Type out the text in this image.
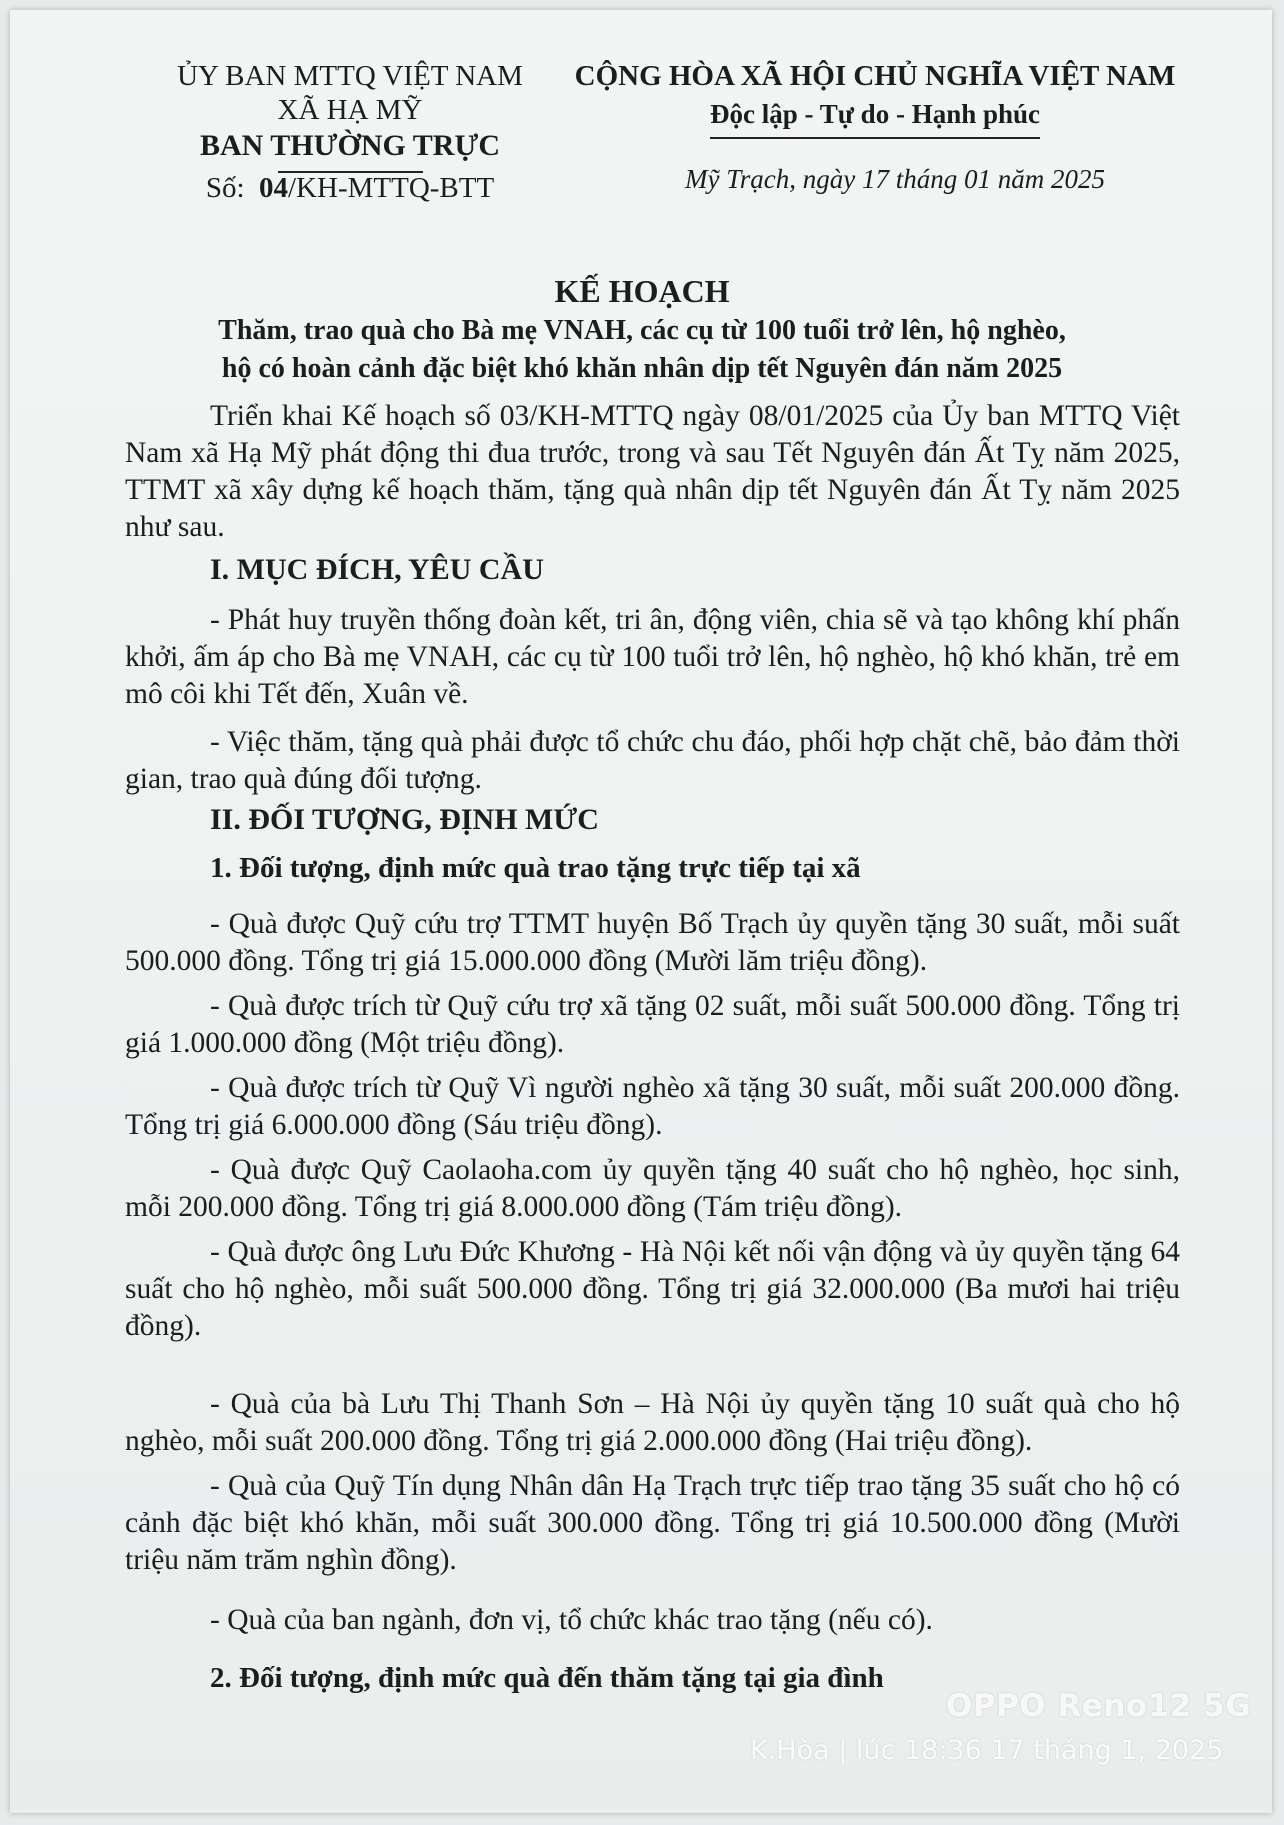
ỦY BAN MTTQ VIỆT NAM
XÃ HẠ MỸ
BAN THƯỜNG TRỰC
Số: 04/KH-MTTQ-BTT
CỘNG HÒA XÃ HỘI CHỦ NGHĨA VIỆT NAM
Độc lập - Tự do - Hạnh phúc
Mỹ Trạch, ngày 17 tháng 01 năm 2025
KẾ HOẠCH
Thăm, trao quà cho Bà mẹ VNAH, các cụ từ 100 tuổi trở lên, hộ nghèo,
hộ có hoàn cảnh đặc biệt khó khăn nhân dịp tết Nguyên đán năm 2025
Triển khai Kế hoạch số 03/KH-MTTQ ngày 08/01/2025 của Ủy ban MTTQ Việt Nam xã Hạ Mỹ phát động thi đua trước, trong và sau Tết Nguyên đán Ất Tỵ năm 2025, TTMT xã xây dựng kế hoạch thăm, tặng quà nhân dịp tết Nguyên đán Ất Tỵ năm 2025 như sau.
I. MỤC ĐÍCH, YÊU CẦU
- Phát huy truyền thống đoàn kết, tri ân, động viên, chia sẽ và tạo không khí phấn khởi, ấm áp cho Bà mẹ VNAH, các cụ từ 100 tuổi trở lên, hộ nghèo, hộ khó khăn, trẻ em mô côi khi Tết đến, Xuân về.
- Việc thăm, tặng quà phải được tổ chức chu đáo, phối hợp chặt chẽ, bảo đảm thời gian, trao quà đúng đối tượng.
II. ĐỐI TƯỢNG, ĐỊNH MỨC
1. Đối tượng, định mức quà trao tặng trực tiếp tại xã
- Quà được Quỹ cứu trợ TTMT huyện Bố Trạch ủy quyền tặng 30 suất, mỗi suất 500.000 đồng. Tổng trị giá 15.000.000 đồng (Mười lăm triệu đồng).
- Quà được trích từ Quỹ cứu trợ xã tặng 02 suất, mỗi suất 500.000 đồng. Tổng trị giá 1.000.000 đồng (Một triệu đồng).
- Quà được trích từ Quỹ Vì người nghèo xã tặng 30 suất, mỗi suất 200.000 đồng. Tổng trị giá 6.000.000 đồng (Sáu triệu đồng).
- Quà được Quỹ Caolaoha.com ủy quyền tặng 40 suất cho hộ nghèo, học sinh, mỗi 200.000 đồng. Tổng trị giá 8.000.000 đồng (Tám triệu đồng).
- Quà được ông Lưu Đức Khương - Hà Nội kết nối vận động và ủy quyền tặng 64 suất cho hộ nghèo, mỗi suất 500.000 đồng. Tổng trị giá 32.000.000 (Ba mươi hai triệu đồng).
- Quà của bà Lưu Thị Thanh Sơn – Hà Nội ủy quyền tặng 10 suất quà cho hộ nghèo, mỗi suất 200.000 đồng. Tổng trị giá 2.000.000 đồng (Hai triệu đồng).
- Quà của Quỹ Tín dụng Nhân dân Hạ Trạch trực tiếp trao tặng 35 suất cho hộ có cảnh đặc biệt khó khăn, mỗi suất 300.000 đồng. Tổng trị giá 10.500.000 đồng (Mười triệu năm trăm nghìn đồng).
- Quà của ban ngành, đơn vị, tổ chức khác trao tặng (nếu có).
2. Đối tượng, định mức quà đến thăm tặng tại gia đình
OPPO Reno12 5G
K.Hòa | lúc 18:36 17 tháng 1, 2025
